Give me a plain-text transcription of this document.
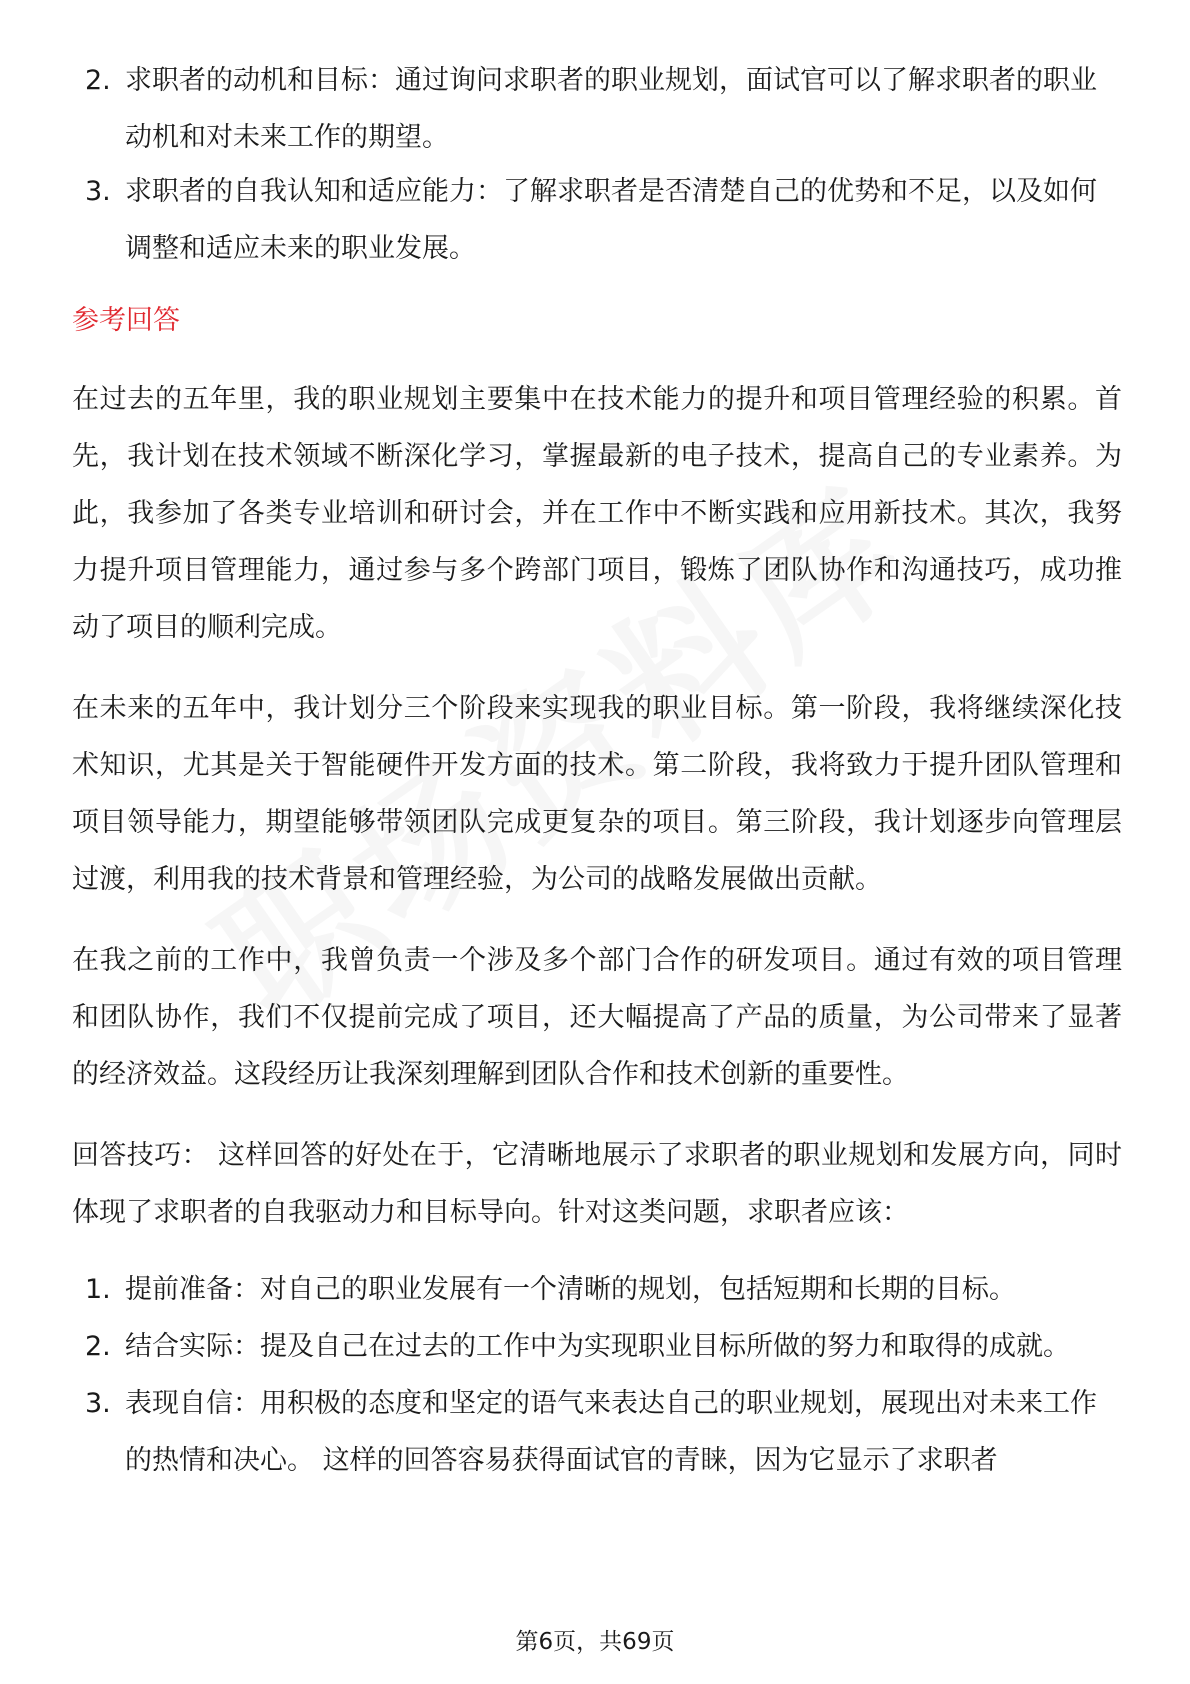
2. 求职者的动机和目标：通过询问求职者的职业规划，面试官可以了解求职者的职业动机和对未来工作的期望。
3. 求职者的自我认知和适应能力：了解求职者是否清楚自己的优势和不足，以及如何调整和适应未来的职业发展。
参考回答

在过去的五年里，我的职业规划主要集中在技术能力的提升和项目管理经验的积累。首先，我计划在技术领域不断深化学习，掌握最新的电子技术，提高自己的专业素养。为此，我参加了各类专业培训和研讨会，并在工作中不断实践和应用新技术。其次，我努力提升项目管理能力，通过参与多个跨部门项目，锻炼了团队协作和沟通技巧，成功推动了项目的顺利完成。

在未来的五年中，我计划分三个阶段来实现我的职业目标。第一阶段，我将继续深化技术知识，尤其是关于智能硬件开发方面的技术。第二阶段，我将致力于提升团队管理和项目领导能力，期望能够带领团队完成更复杂的项目。第三阶段，我计划逐步向管理层过渡，利用我的技术背景和管理经验，为公司的战略发展做出贡献。

在我之前的工作中，我曾负责一个涉及多个部门合作的研发项目。通过有效的项目管理和团队协作，我们不仅提前完成了项目，还大幅提高了产品的质量，为公司带来了显著的经济效益。这段经历让我深刻理解到团队合作和技术创新的重要性。

回答技巧： 这样回答的好处在于，它清晰地展示了求职者的职业规划和发展方向，同时体现了求职者的自我驱动力和目标导向。针对这类问题，求职者应该：

1. 提前准备：对自己的职业发展有一个清晰的规划，包括短期和长期的目标。
2. 结合实际：提及自己在过去的工作中为实现职业目标所做的努力和取得的成就。
3. 表现自信：用积极的态度和坚定的语气来表达自己的职业规划，展现出对未来工作的热情和决心。 这样的回答容易获得面试官的青睐，因为它显示了求职者
第6页，共69页
